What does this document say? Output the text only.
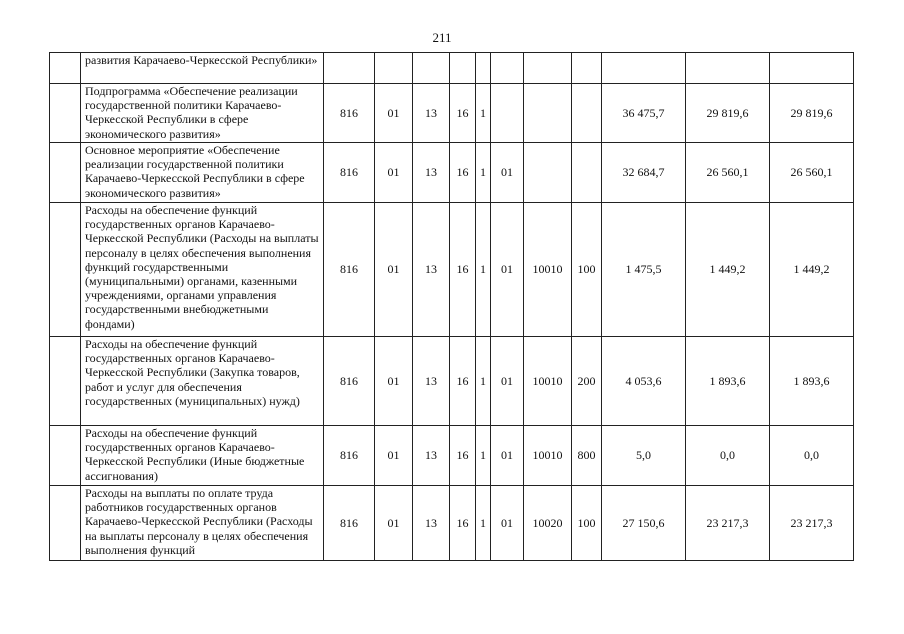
211
	развития Карачаево-Черкесской Республики»											
	Подпрограмма «Обеспечение реализации государственной политики Карачаево-Черкесской Республики в сфере экономического развития»	816	01	13	16	1				36 475,7	29 819,6	29 819,6
	Основное мероприятие «Обеспечение реализации государственной политики Карачаево-Черкесской Республики в сфере экономического развития»	816	01	13	16	1	01			32 684,7	26 560,1	26 560,1
	Расходы на обеспечение функций государственных органов Карачаево-Черкесской Республики (Расходы на выплаты персоналу в целях обеспечения выполнения функций государственными (муниципальными) органами, казенными учреждениями, органами управления государственными внебюджетными фондами)	816	01	13	16	1	01	10010	100	1 475,5	1 449,2	1 449,2
	Расходы на обеспечение функций государственных органов Карачаево-Черкесской Республики (Закупка товаров, работ и услуг для обеспечения государственных (муниципальных) нужд)	816	01	13	16	1	01	10010	200	4 053,6	1 893,6	1 893,6
	Расходы на обеспечение функций государственных органов Карачаево-Черкесской Республики (Иные бюджетные ассигнования)	816	01	13	16	1	01	10010	800	5,0	0,0	0,0
	Расходы на выплаты по оплате труда работников государственных органов Карачаево-Черкесской Республики (Расходы на выплаты персоналу в целях обеспечения выполнения функций	816	01	13	16	1	01	10020	100	27 150,6	23 217,3	23 217,3
